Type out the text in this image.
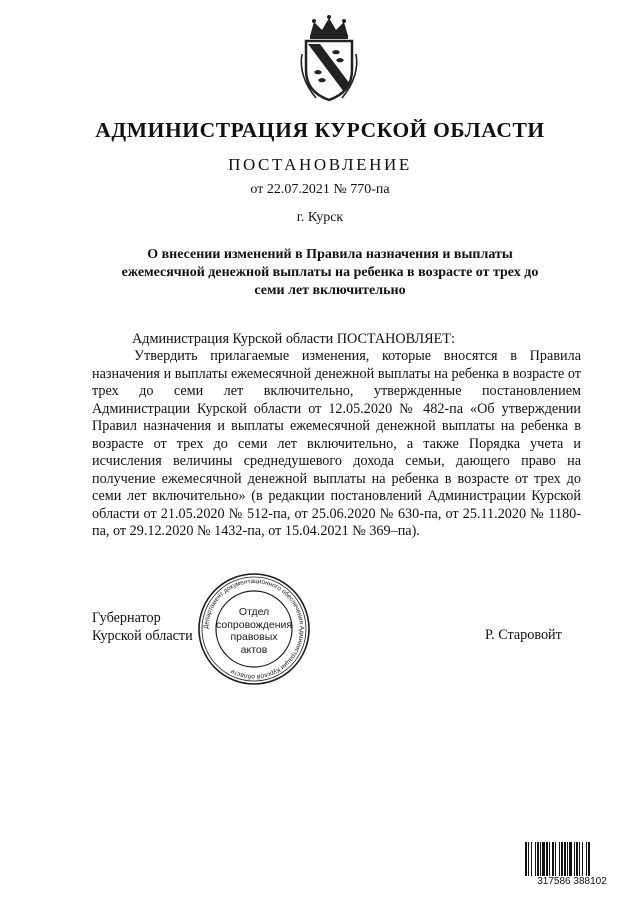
АДМИНИСТРАЦИЯ КУРСКОЙ ОБЛАСТИ
ПОСТАНОВЛЕНИЕ
от 22.07.2021 № 770-па
г. Курск
О внесении изменений в Правила назначения и выплаты
ежемесячной денежной выплаты на ребенка в возрасте от трех до
семи лет включительно
Администрация Курской области ПОСТАНОВЛЯЕТ:
Утвердить прилагаемые изменения, которые вносятся в Правила назначения и выплаты ежемесячной денежной выплаты на ребенка в возрасте от трех до семи лет включительно, утвержденные постановлением Администрации Курской области от 12.05.2020 № 482-па «Об утверждении Правил назначения и выплаты ежемесячной денежной выплаты на ребенка в возрасте от трех до семи лет включительно, а также Порядка учета и исчисления величины среднедушевого дохода семьи, дающего право на получение ежемесячной денежной выплаты на ребенка в возрасте от трех до семи лет включительно» (в редакции постановлений Администрации Курской области от 21.05.2020 № 512-па, от 25.06.2020 № 630-па, от 25.11.2020 № 1180-па, от 29.12.2020 № 1432-па, от 15.04.2021 № 369–па).
Губернатор
Курской области	Р. Старовойт
Департамент документационного обеспечения Администрации Курской области
Отдел
сопровождения
правовых
актов
317586 388102
